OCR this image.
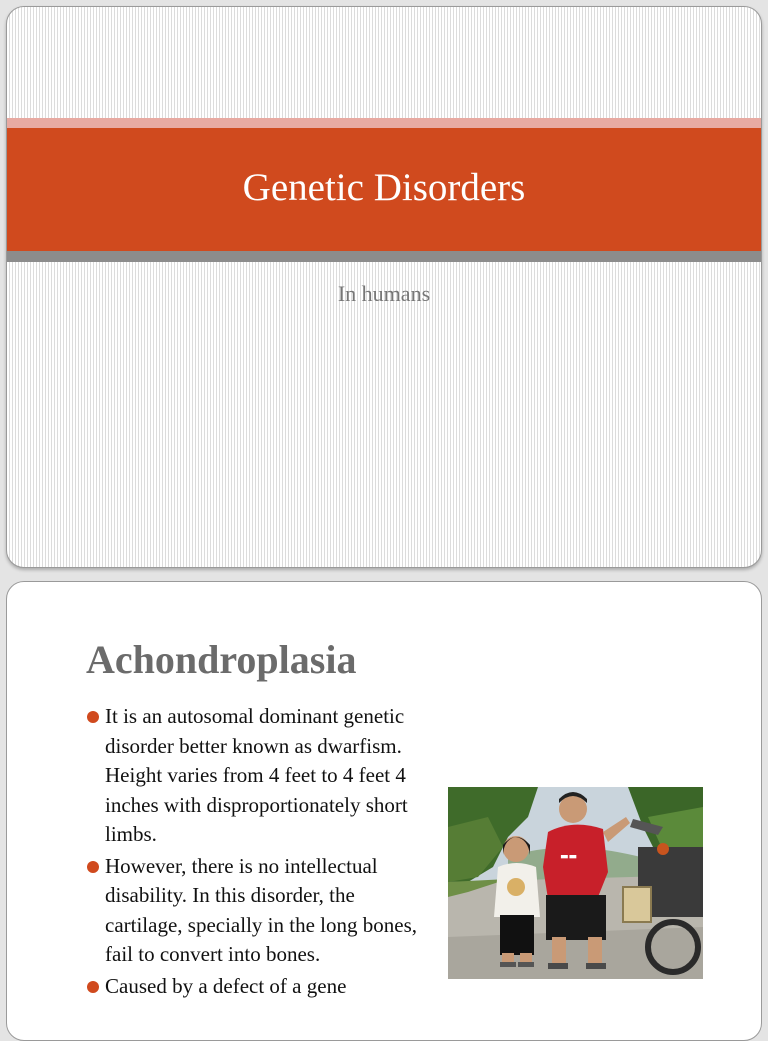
Genetic Disorders
In humans
Achondroplasia
It is an autosomal dominant genetic disorder better known as dwarfism. Height varies from 4 feet to 4 feet 4 inches with disproportionately short limbs.
However, there is no intellectual disability. In this disorder, the cartilage, specially in the long bones, fail to convert into bones.
Caused by a defect of a gene
▬▬
